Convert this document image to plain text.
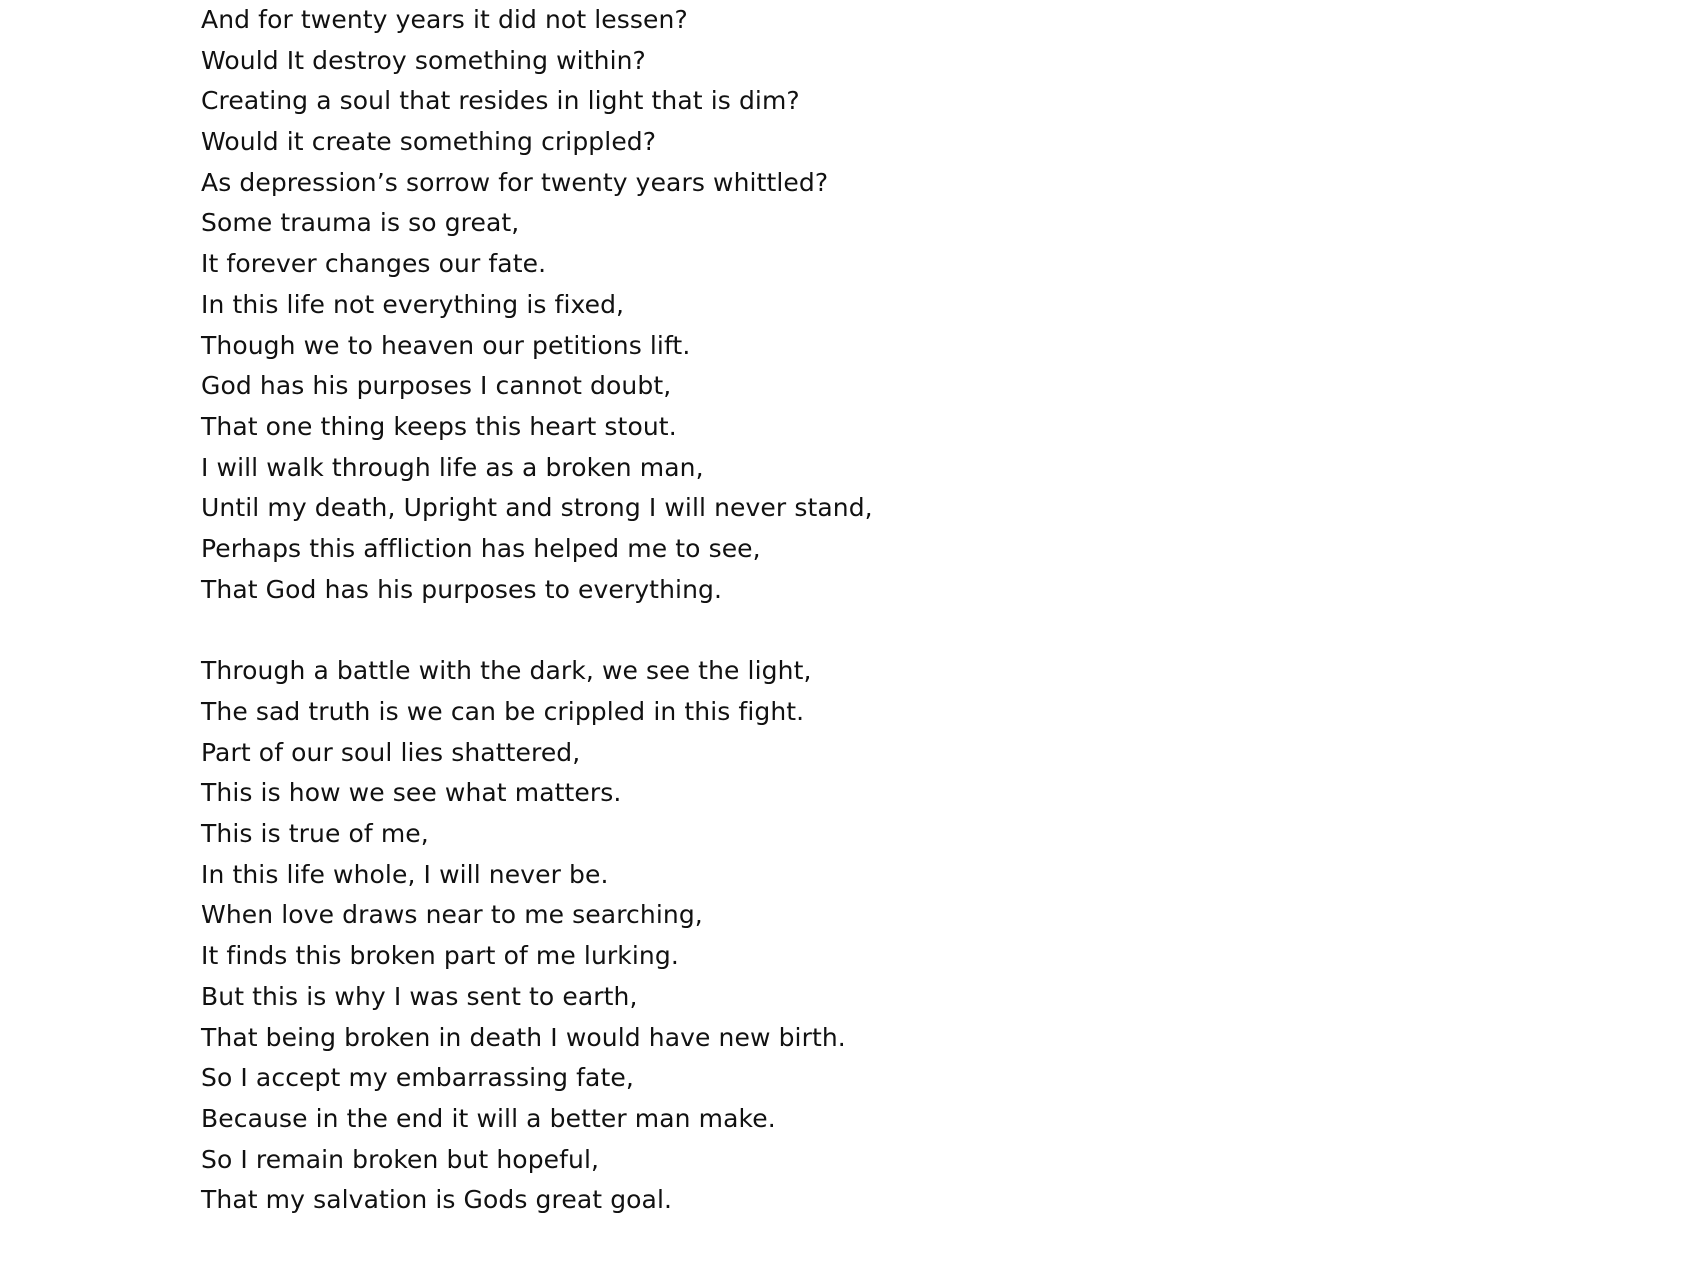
And for twenty years it did not lessen?
Would It destroy something within?
Creating a soul that resides in light that is dim?
Would it create something crippled?
As depression’s sorrow for twenty years whittled?
Some trauma is so great,
It forever changes our fate.
In this life not everything is fixed,
Though we to heaven our petitions lift.
God has his purposes I cannot doubt,
That one thing keeps this heart stout.
I will walk through life as a broken man,
Until my death, Upright and strong I will never stand,
Perhaps this affliction has helped me to see,
That God has his purposes to everything.
Through a battle with the dark, we see the light,
The sad truth is we can be crippled in this fight.
Part of our soul lies shattered,
This is how we see what matters.
This is true of me,
In this life whole, I will never be.
When love draws near to me searching,
It finds this broken part of me lurking.
But this is why I was sent to earth,
That being broken in death I would have new birth.
So I accept my embarrassing fate,
Because in the end it will a better man make.
So I remain broken but hopeful,
That my salvation is Gods great goal.
